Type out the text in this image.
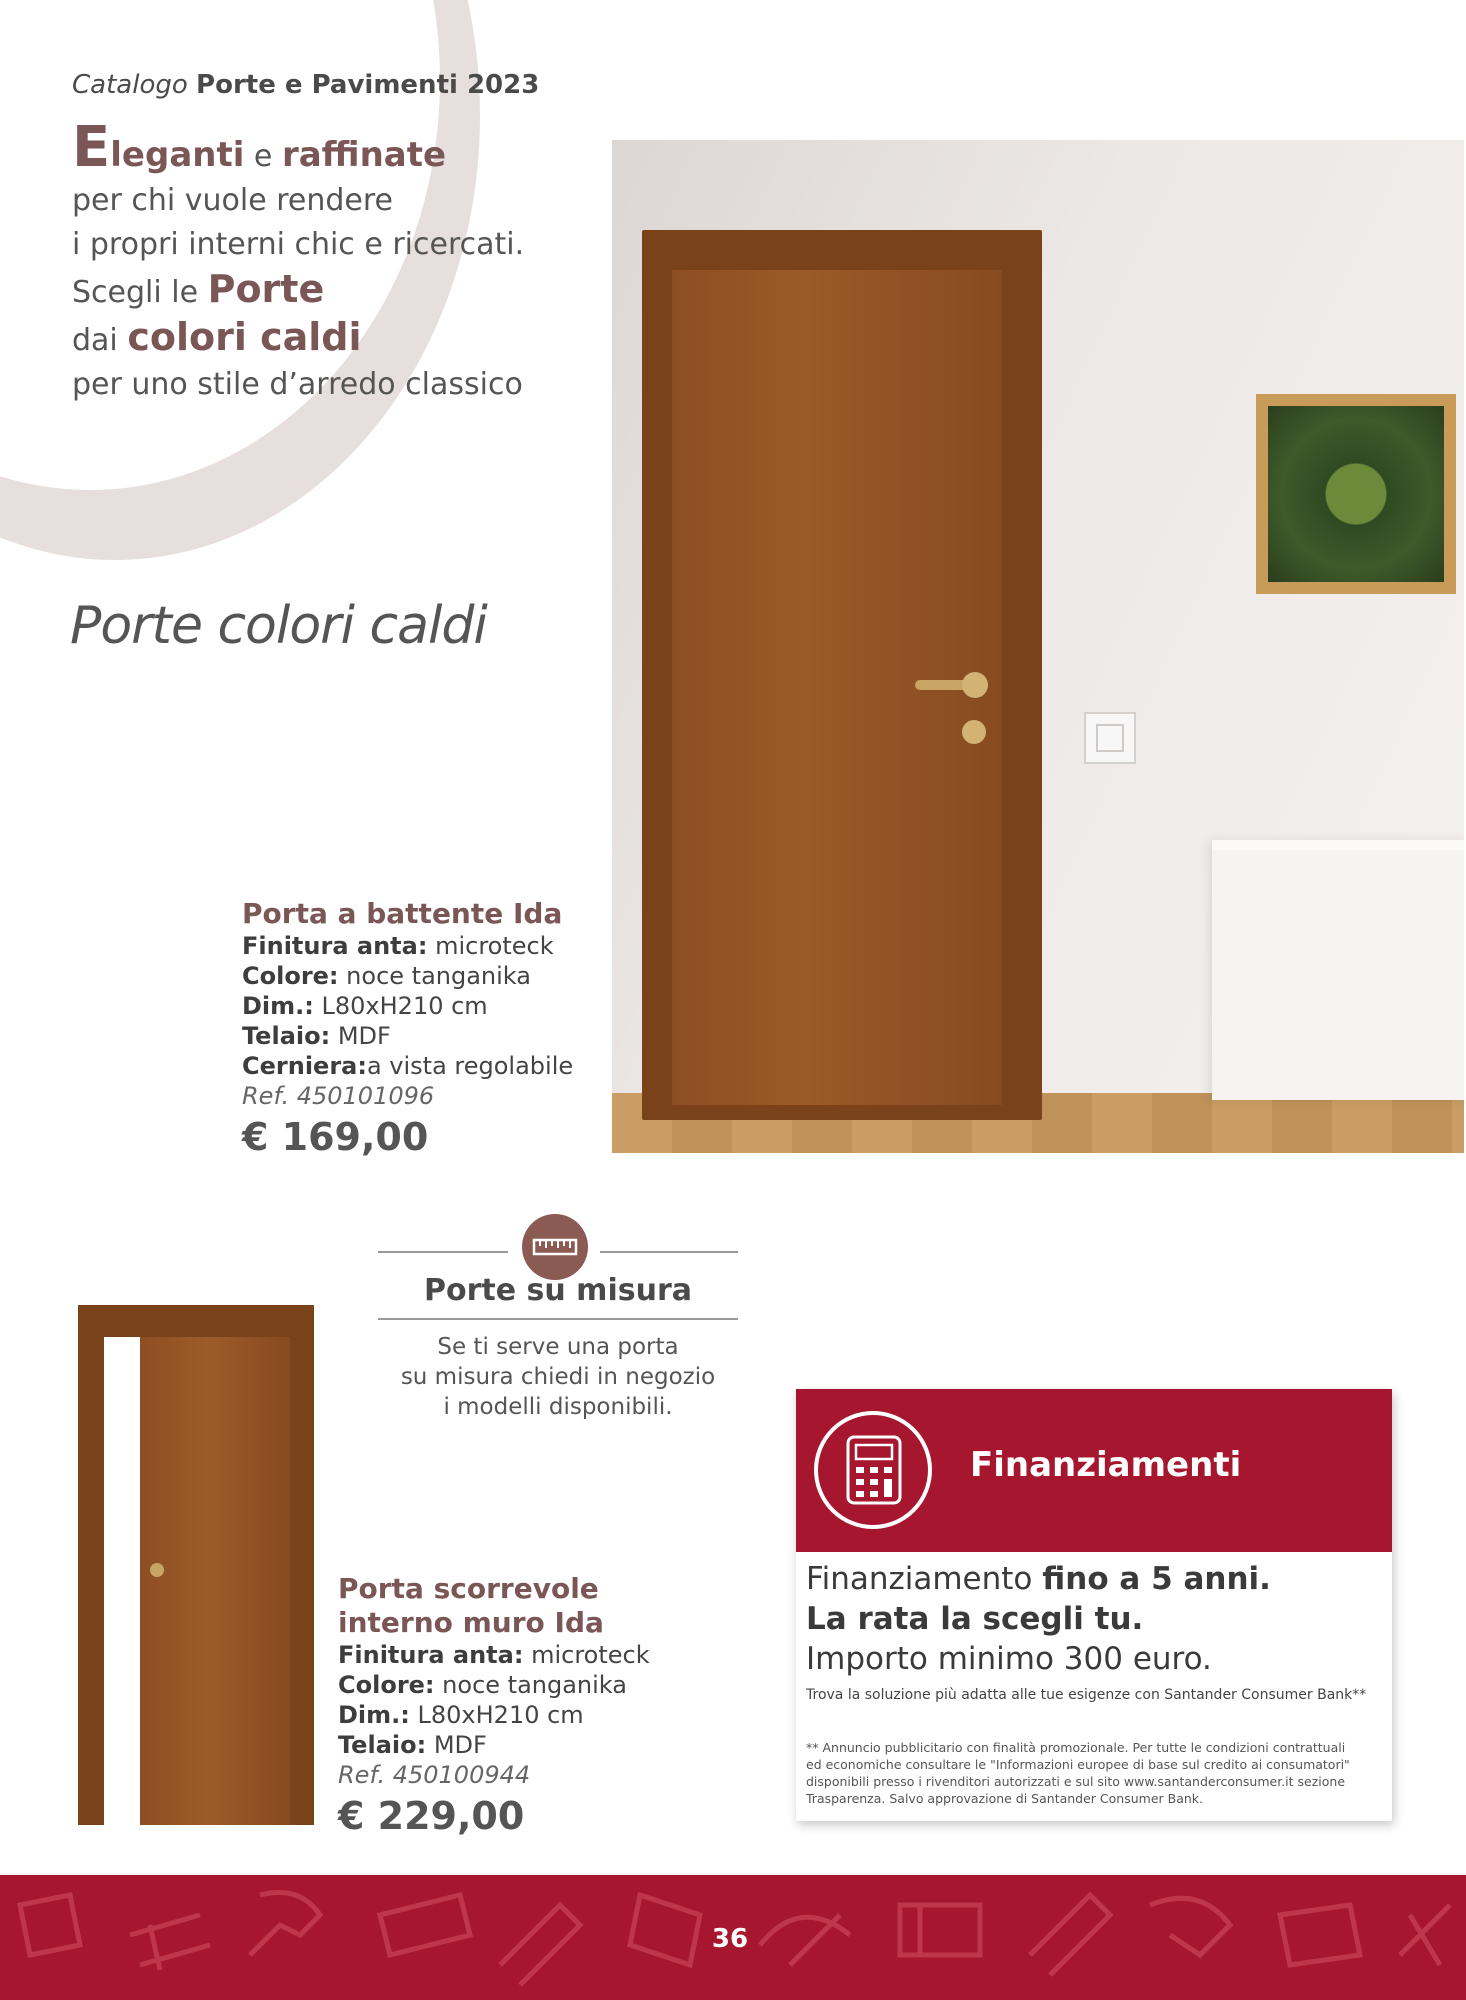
Catalogo Porte e Pavimenti 2023
Eleganti e raffinate
per chi vuole rendere
i propri interni chic e ricercati.
Scegli le Porte
dai colori caldi
per uno stile d’arredo classico
Porte colori caldi
Porta a battente Ida
Finitura anta: microteck
Colore: noce tanganika
Dim.: L80xH210 cm
Telaio: MDF
Cerniera:a vista regolabile
Ref. 450101096
€ 169,00
Porte su misura
Se ti serve una porta
su misura chiedi in negozio
i modelli disponibili.
Porta scorrevole
interno muro Ida
Finitura anta: microteck
Colore: noce tanganika
Dim.: L80xH210 cm
Telaio: MDF
Ref. 450100944
€ 229,00
Finanziamenti
Finanziamento fino a 5 anni.
La rata la scegli tu.
Importo minimo 300 euro.
Trova la soluzione più adatta alle tue esigenze con Santander Consumer Bank**
** Annuncio pubblicitario con finalità promozionale. Per tutte le condizioni contrattuali
ed economiche consultare le "Informazioni europee di base sul credito ai consumatori"
disponibili presso i rivenditori autorizzati e sul sito www.santanderconsumer.it sezione
Trasparenza. Salvo approvazione di Santander Consumer Bank.
36
